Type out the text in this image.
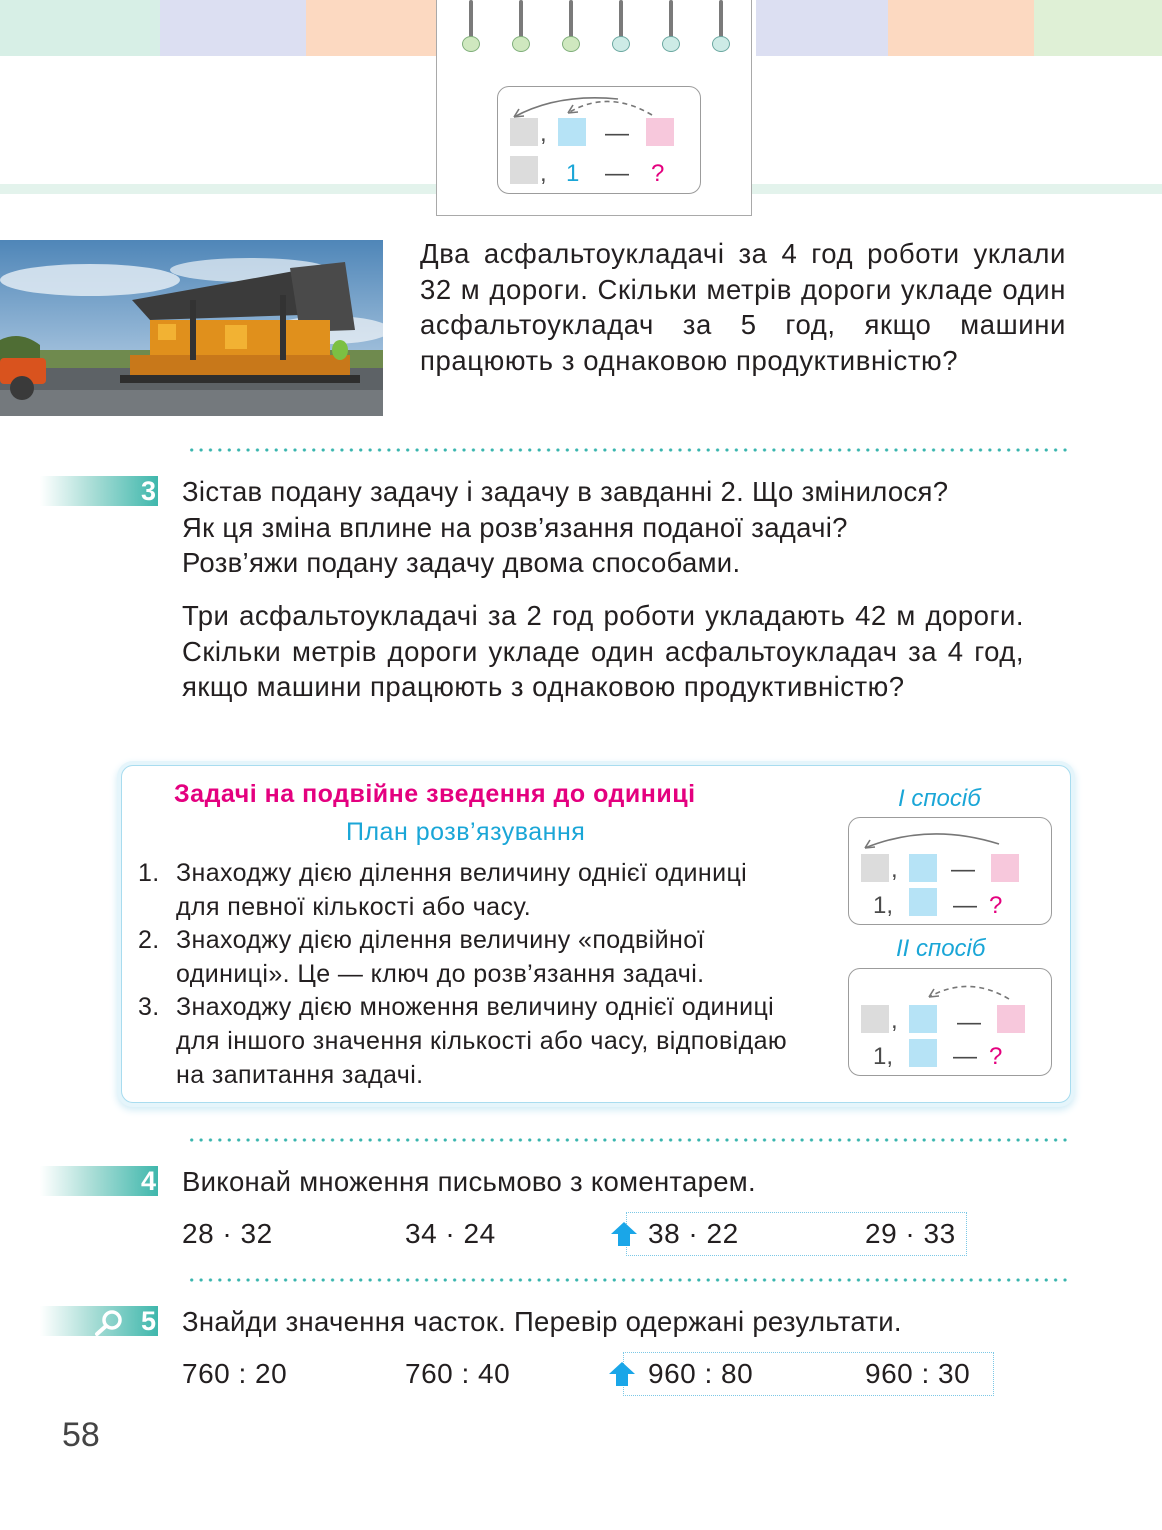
, —
, 1 — ?
Два асфальтоукладачі за 4 год роботи уклали 32 м дороги. Скільки метрів дороги укладе один асфальтоукладач за 5 год, якщо машини працюють з однаковою продуктивністю?
3 Зістав подану задачу і задачу в завданні 2. Що змінилося?
Як ця зміна вплине на розв’язання поданої задачі?
Розв’яжи подану задачу двома способами.
Три асфальтоукладачі за 2 год роботи укладають 42 м дороги. Скільки метрів дороги укладе один асфальтоукладач за 4 год, якщо машини працюють з однаковою продуктивністю?
Задачі на подвійне зведення до одиниці
План розв’язування
1. Знаходжу дією ділення величину однієї одиниці для певної кількості або часу.
2. Знаходжу дією ділення величину «подвійної одиниці». Це — ключ до розв’язання задачі.
3. Знаходжу дією множення величину однієї одиниці для іншого значення кількості або часу, відповідаю на запитання задачі.
І спосіб
, —
1, — ?
ІІ спосіб
, —
1, — ?
4 Виконай множення письмово з коментарем.
28 · 32	34 · 24	38 · 22	29 · 33
5 Знайди значення часток. Перевір одержані результати.
760 : 20	760 : 40	960 : 80	960 : 30
58
